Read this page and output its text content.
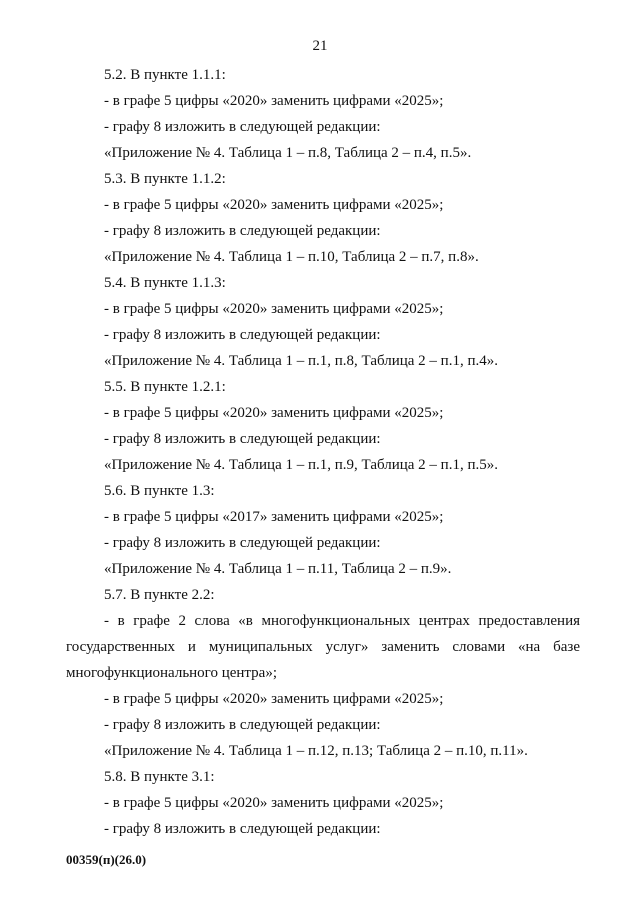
21
5.2. В пункте 1.1.1:
- в графе 5 цифры «2020» заменить цифрами «2025»;
- графу 8 изложить в следующей редакции:
«Приложение № 4. Таблица 1 – п.8, Таблица 2 – п.4, п.5».
5.3. В пункте 1.1.2:
- в графе 5 цифры «2020» заменить цифрами «2025»;
- графу 8 изложить в следующей редакции:
«Приложение № 4. Таблица 1 – п.10, Таблица 2 – п.7, п.8».
5.4. В пункте 1.1.3:
- в графе 5 цифры «2020» заменить цифрами «2025»;
- графу 8 изложить в следующей редакции:
«Приложение № 4. Таблица 1 – п.1, п.8, Таблица 2 – п.1, п.4».
5.5. В пункте 1.2.1:
- в графе 5 цифры «2020» заменить цифрами «2025»;
- графу 8 изложить в следующей редакции:
«Приложение № 4. Таблица 1 – п.1, п.9, Таблица 2 – п.1, п.5».
5.6. В пункте 1.3:
- в графе 5 цифры «2017» заменить цифрами «2025»;
- графу 8 изложить в следующей редакции:
«Приложение № 4. Таблица 1 – п.11, Таблица 2 – п.9».
5.7. В пункте 2.2:
- в графе 2 слова «в многофункциональных центрах предоставления государственных и муниципальных услуг» заменить словами «на базе многофункционального центра»;
- в графе 5 цифры «2020» заменить цифрами «2025»;
- графу 8 изложить в следующей редакции:
«Приложение № 4. Таблица 1 – п.12, п.13; Таблица 2 – п.10, п.11».
5.8. В пункте 3.1:
- в графе 5 цифры «2020» заменить цифрами «2025»;
- графу 8 изложить в следующей редакции:
00359(п)(26.0)
